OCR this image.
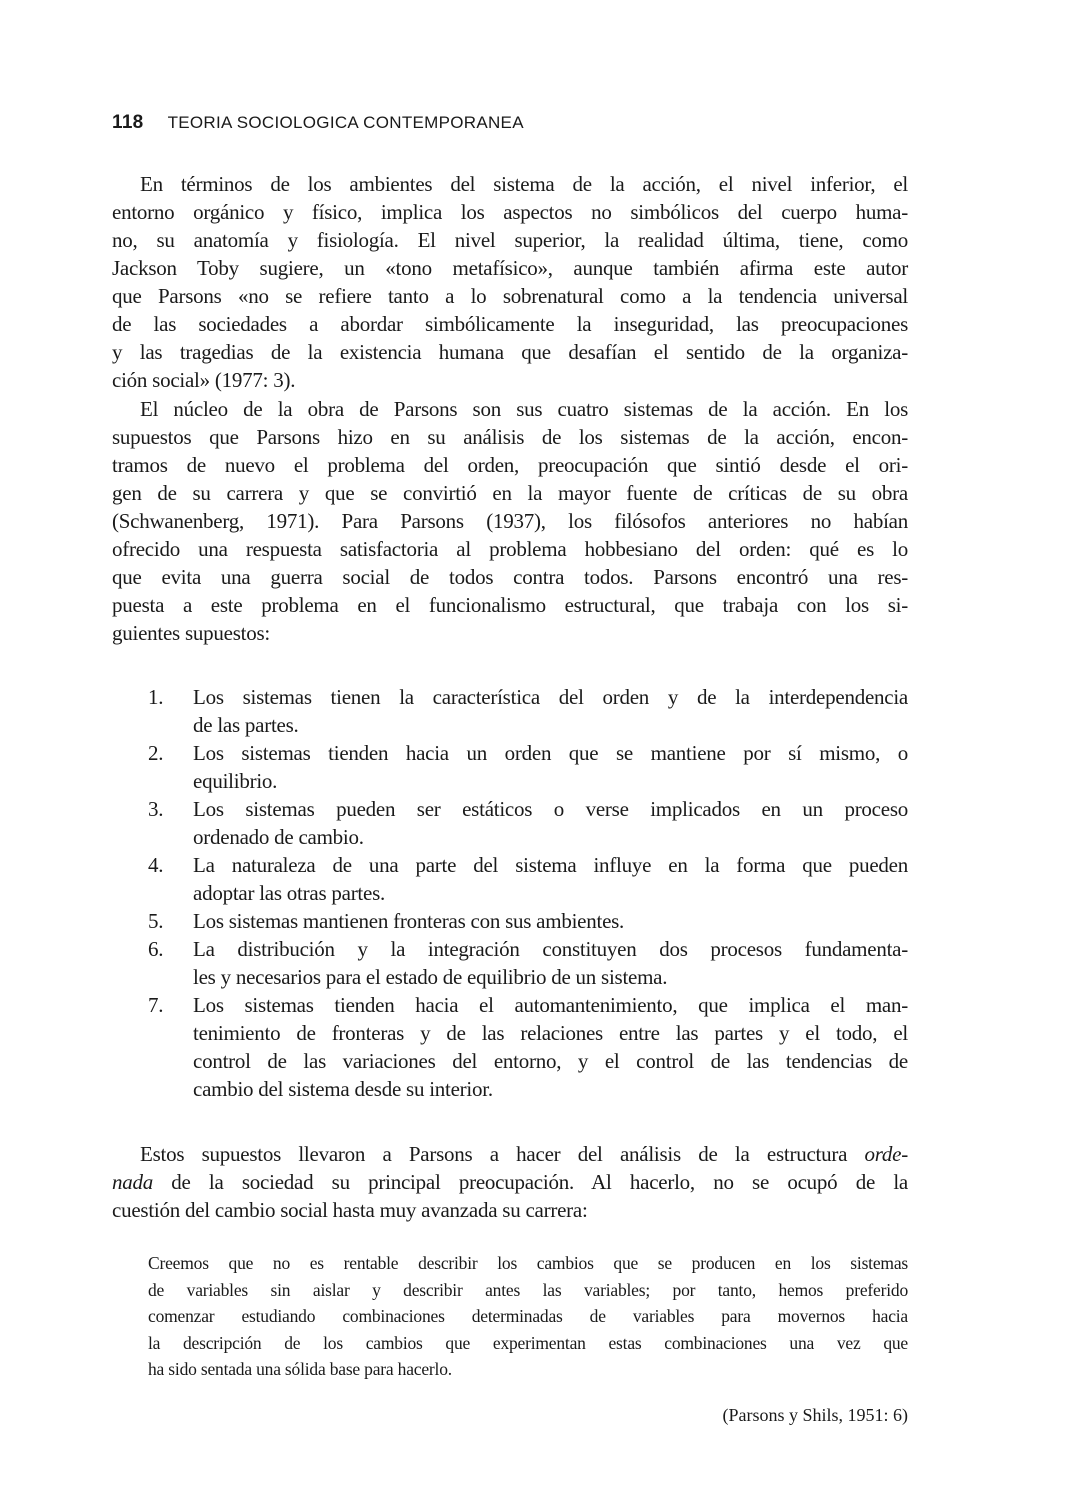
118 TEORIA SOCIOLOGICA CONTEMPORANEA
En términos de los ambientes del sistema de la acción, el nivel inferior, el
entorno orgánico y físico, implica los aspectos no simbólicos del cuerpo huma-
no, su anatomía y fisiología. El nivel superior, la realidad última, tiene, como
Jackson Toby sugiere, un «tono metafísico», aunque también afirma este autor
que Parsons «no se refiere tanto a lo sobrenatural como a la tendencia universal
de las sociedades a abordar simbólicamente la inseguridad, las preocupaciones
y las tragedias de la existencia humana que desafían el sentido de la organiza-
ción social» (1977: 3).
El núcleo de la obra de Parsons son sus cuatro sistemas de la acción. En los
supuestos que Parsons hizo en su análisis de los sistemas de la acción, encon-
tramos de nuevo el problema del orden, preocupación que sintió desde el ori-
gen de su carrera y que se convirtió en la mayor fuente de críticas de su obra
(Schwanenberg, 1971). Para Parsons (1937), los filósofos anteriores no habían
ofrecido una respuesta satisfactoria al problema hobbesiano del orden: qué es lo
que evita una guerra social de todos contra todos. Parsons encontró una res-
puesta a este problema en el funcionalismo estructural, que trabaja con los si-
guientes supuestos:
1. Los sistemas tienen la característica del orden y de la interdependencia
de las partes.
2. Los sistemas tienden hacia un orden que se mantiene por sí mismo, o
equilibrio.
3. Los sistemas pueden ser estáticos o verse implicados en un proceso
ordenado de cambio.
4. La naturaleza de una parte del sistema influye en la forma que pueden
adoptar las otras partes.
5. Los sistemas mantienen fronteras con sus ambientes.
6. La distribución y la integración constituyen dos procesos fundamenta-
les y necesarios para el estado de equilibrio de un sistema.
7. Los sistemas tienden hacia el automantenimiento, que implica el man-
tenimiento de fronteras y de las relaciones entre las partes y el todo, el
control de las variaciones del entorno, y el control de las tendencias de
cambio del sistema desde su interior.
Estos supuestos llevaron a Parsons a hacer del análisis de la estructura orde-
nada de la sociedad su principal preocupación. Al hacerlo, no se ocupó de la
cuestión del cambio social hasta muy avanzada su carrera:
Creemos que no es rentable describir los cambios que se producen en los sistemas
de variables sin aislar y describir antes las variables; por tanto, hemos preferido
comenzar estudiando combinaciones determinadas de variables para movernos hacia
la descripción de los cambios que experimentan estas combinaciones una vez que
ha sido sentada una sólida base para hacerlo.
(Parsons y Shils, 1951: 6)
